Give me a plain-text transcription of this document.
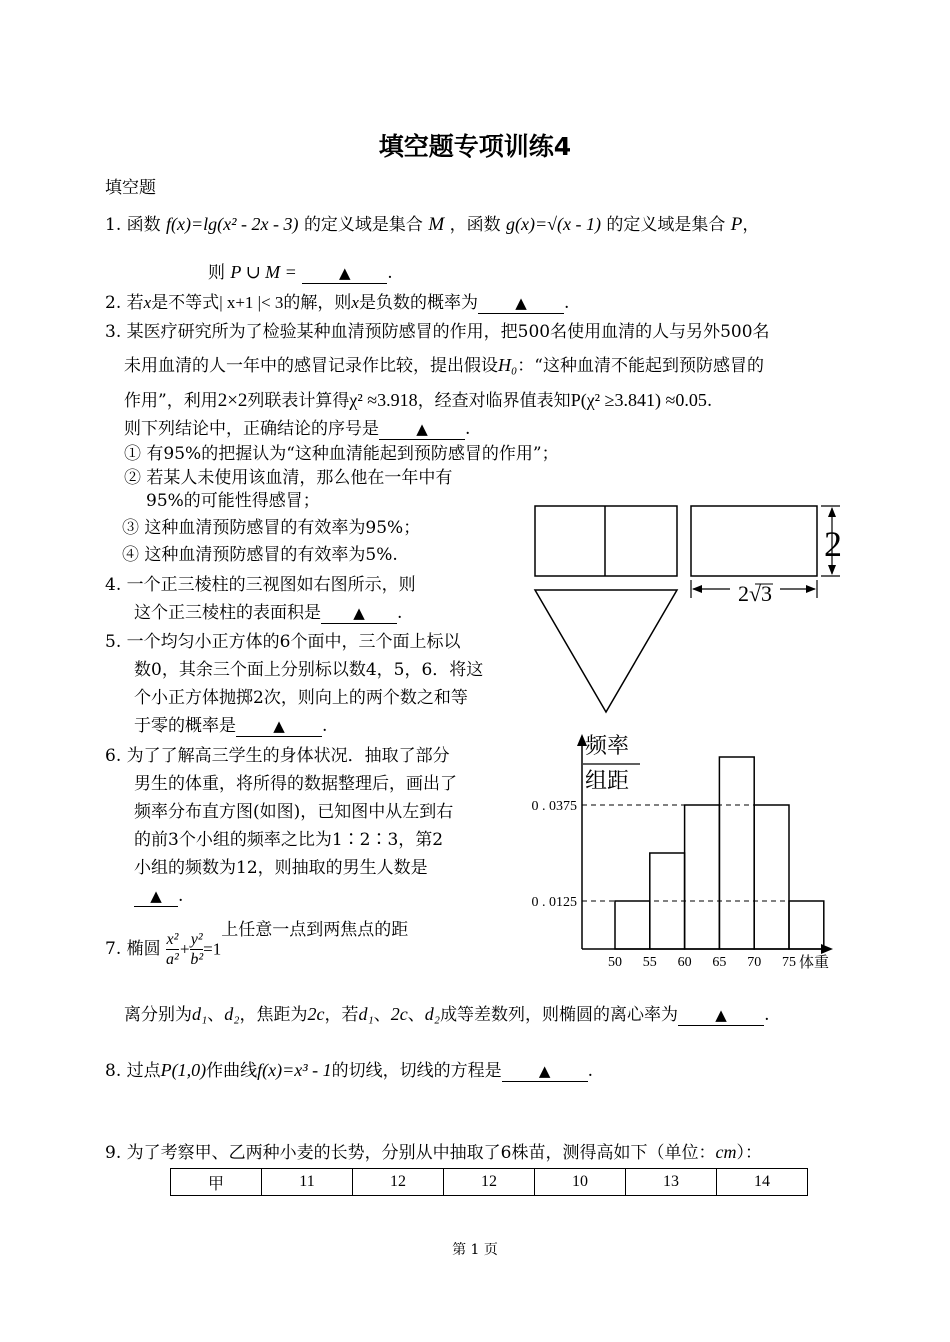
填空题专项训练4
填空题
1. 函数 f(x)=lg(x² - 2x - 3) 的定义域是集合 M ，函数 g(x)=√(x - 1) 的定义域是集合 P，
则 P ∪ M =	▲ .
2. 若x是不等式| x+1 |< 3的解，则x是负数的概率为 ▲ .
3. 某医疗研究所为了检验某种血清预防感冒的作用，把500名使用血清的人与另外500名
未用血清的人一年中的感冒记录作比较，提出假设H₀：“这种血清不能起到预防感冒的
作用”，利用2×2列联表计算得χ² ≈3.918，经查对临界值表知P(χ² ≥3.841) ≈0.05.
则下列结论中，正确结论的序号是 ▲ .
① 有95%的把握认为“这种血清能起到预防感冒的作用”；
② 若某人未使用该血清，那么他在一年中有
95%的可能性得感冒；
③ 这种血清预防感冒的有效率为95%；
④ 这种血清预防感冒的有效率为5%.
4. 一个正三棱柱的三视图如右图所示，则
这个正三棱柱的表面积是 ▲ .
5. 一个均匀小正方体的6个面中，三个面上标以
数0，其余三个面上分别标以数4，5，6．将这
个小正方体抛掷2次，则向上的两个数之和等
于零的概率是 ▲ .
6. 为了了解高三学生的身体状况．抽取了部分
男生的体重，将所得的数据整理后，画出了
频率分布直方图(如图)，已知图中从左到右
的前3个小组的频率之比为1∶2∶3，第2
小组的频数为12，则抽取的男生人数是
▲ .
7. 椭圆 $\frac{\text{x²}}{\text{a²}} + \frac{\text{y²}}{\text{b²}} =1$上任意一点到两焦点的距
离分别为d₁、d₂，焦距为2c，若d₁、2c、d₂成等差数列，则椭圆的离心率为 ▲ .
8. 过点P(1,0)作曲线f(x)=x³ - 1的切线，切线的方程是 ▲ .
9. 为了考察甲、乙两种小麦的长势，分别从中抽取了6株苗，测得高如下（单位：cm）：
甲	11	12	12	10	13	14
2
2√3
频率
组距
体重
0 . 0125
0 . 0375
50 55 60 65 70 75
第 1 页
